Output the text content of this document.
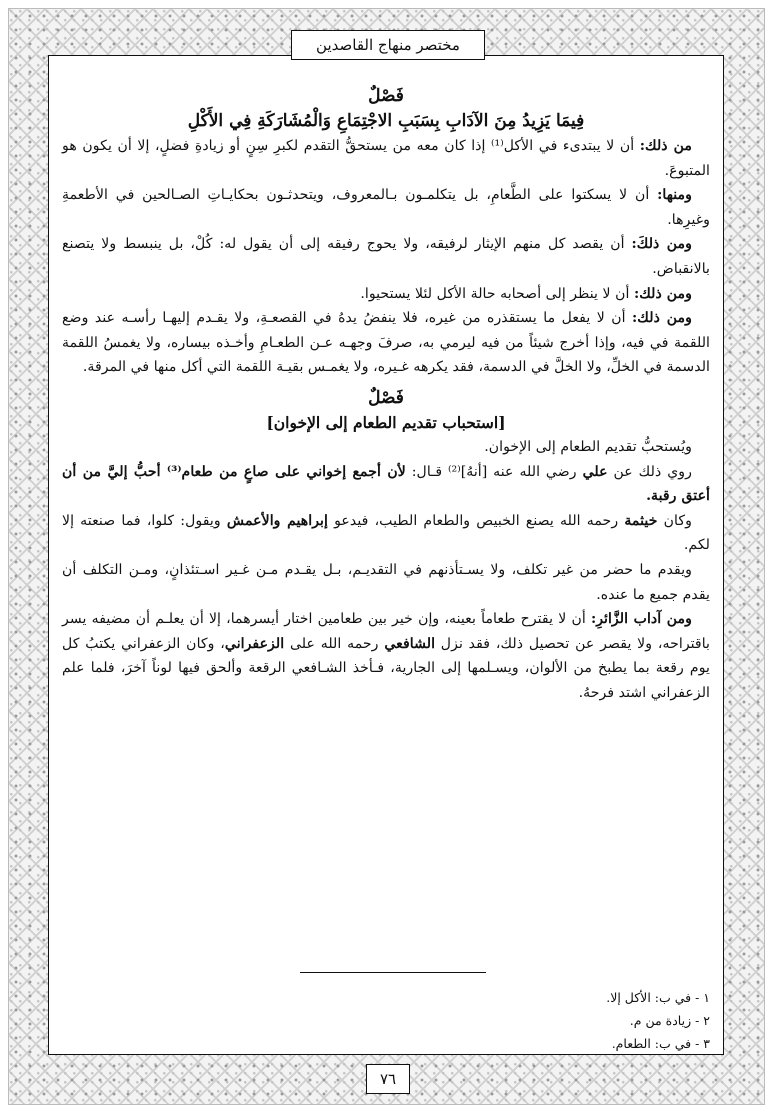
مختصر منهاج القاصدين

فَصْلٌ

فِيمَا يَزِيدُ مِنَ الآدَابِ بِسَبَبِ الاجْتِمَاعِ وَالْمُشَارَكَةِ فِي الأَكْلِ

من ذلك: أن لا يبتدىء في الأكل⁽¹⁾ إذا كان معه من يستحقُّ التقدم لكبرِ سِنٍ أو زيادةِ فضلٍ، إلا أن يكون هو المتبوعَ.

ومنها: أن لا يسكتوا على الطَّعامِ، بل يتكلمـون بـالمعروف، ويتحدثـون بحكايـاتِ الصـالحين في الأطعمةِ وغيرِها.

ومن ذلكَ: أن يقصد كل منهم الإيثار لرفيقه، ولا يحوج رفيقه إلى أن يقول له: كُلْ، بل ينبسط ولا يتصنع بالانقباض.

ومن ذلك: أن لا ينظر إلى أصحابه حالة الأكل لئلا يستحيوا.

ومن ذلك: أن لا يفعل ما يستقذره من غيره، فلا ينفضُ يدهُ في القصعـةِ، ولا يقـدم إليهـا رأسـه عند وضع اللقمة في فيه، وإذا أخرج شيئاً من فيه ليرمي به، صرفَ وجهـه عـن الطعـامِ وأخـذه بيساره، ولا يغمسُ اللقمة الدسمة في الخلِّ، ولا الخلَّ في الدسمة، فقد يكرهه غـيره، ولا يغمـس بقيـة اللقمة التي أكل منها في المرقة.

فَصْلٌ

[استحباب تقديم الطعام إلى الإخوان]

ويُستحبُّ تقديم الطعام إلى الإخوان.

روي ذلك عن علي رضي الله عنه [أنهُ]⁽²⁾ قـال: لأن أجمع إخواني على صاعٍ من طعام⁽³⁾ أحبُّ إليَّ من أن أعتق رقبة.

وكان خيثمة رحمه الله يصنع الخبيص والطعام الطيب، فيدعو إبراهيم والأعمش ويقول: كلوا، فما صنعته إلا لكم.

ويقدم ما حضر من غير تكلف، ولا يسـتأذنهم في التقديـم، بـل يقـدم مـن غـير اسـتئذانٍ، ومـن التكلف أن يقدم جميع ما عنده.

ومن آداب الزَّائرِ: أن لا يقترح طعاماً بعينه، وإن خير بين طعامين اختار أيسرهما، إلا أن يعلـم أن مضيفه يسر باقتراحه، ولا يقصر عن تحصيل ذلك، فقد نزل الشافعي رحمه الله على الزعفراني، وكان الزعفراني يكتبُ كل يوم رقعة بما يطبخ من الألوان، ويسـلمها إلى الجارية، فـأخذ الشـافعي الرقعة وألحق فيها لوناً آخرَ، فلما علم الزعفراني اشتد فرحهُ.

١ - في ب: الأكل إلا.

٢ - زيادة من م.

٣ - في ب: الطعام.

٧٦
